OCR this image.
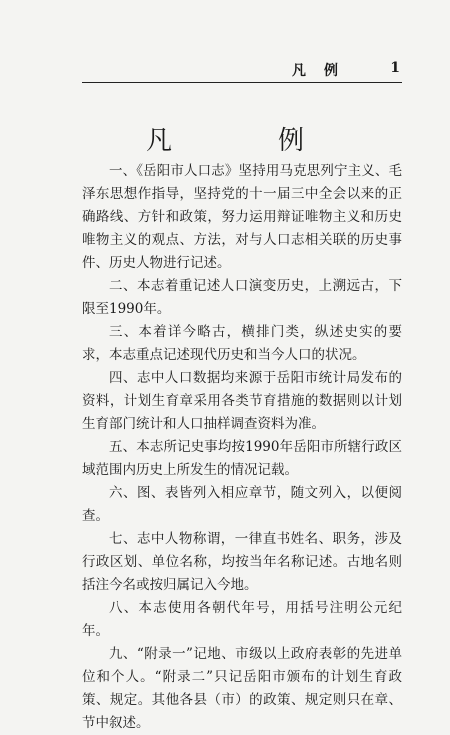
凡　例	1
凡　例

一、《岳阳市人口志》坚持用马克思列宁主义、毛泽东思想作指导，坚持党的十一届三中全会以来的正确路线、方针和政策，努力运用辩证唯物主义和历史唯物主义的观点、方法，对与人口志相关联的历史事件、历史人物进行记述。

二、本志着重记述人口演变历史，上溯远古，下限至1990年。

三、本着详今略古，横排门类，纵述史实的要求，本志重点记述现代历史和当今人口的状况。

四、志中人口数据均来源于岳阳市统计局发布的资料，计划生育章采用各类节育措施的数据则以计划生育部门统计和人口抽样调查资料为准。

五、本志所记史事均按1990年岳阳市所辖行政区域范围内历史上所发生的情况记载。

六、图、表皆列入相应章节，随文列入，以便阅查。

七、志中人物称谓，一律直书姓名、职务，涉及行政区划、单位名称，均按当年名称记述。古地名则括注今名或按归属记入今地。

八、本志使用各朝代年号，用括号注明公元纪年。

九、“附录一”记地、市级以上政府表彰的先进单位和个人。“附录二”只记岳阳市颁布的计划生育政策、规定。其他各县（市）的政策、规定则只在章、节中叙述。
